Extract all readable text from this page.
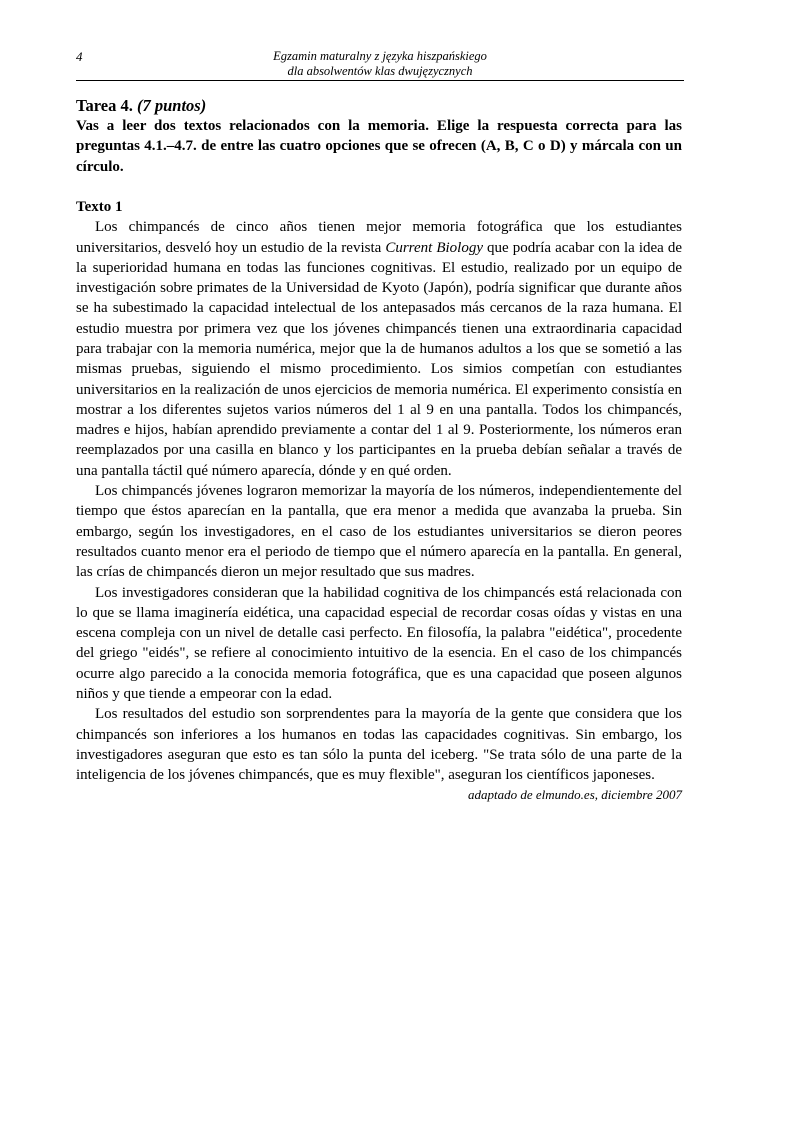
4	Egzamin maturalny z języka hiszpańskiego
dla absolwentów klas dwujęzycznych

Tarea 4. (7 puntos)

Vas a leer dos textos relacionados con la memoria. Elige la respuesta correcta para las preguntas 4.1.–4.7. de entre las cuatro opciones que se ofrecen (A, B, C o D) y márcala con un círculo.

Texto 1

Los chimpancés de cinco años tienen mejor memoria fotográfica que los estudiantes universitarios, desveló hoy un estudio de la revista Current Biology que podría acabar con la idea de la superioridad humana en todas las funciones cognitivas. El estudio, realizado por un equipo de investigación sobre primates de la Universidad de Kyoto (Japón), podría significar que durante años se ha subestimado la capacidad intelectual de los antepasados más cercanos de la raza humana. El estudio muestra por primera vez que los jóvenes chimpancés tienen una extraordinaria capacidad para trabajar con la memoria numérica, mejor que la de humanos adultos a los que se sometió a las mismas pruebas, siguiendo el mismo procedimiento. Los simios competían con estudiantes universitarios en la realización de unos ejercicios de memoria numérica. El experimento consistía en mostrar a los diferentes sujetos varios números del 1 al 9 en una pantalla. Todos los chimpancés, madres e hijos, habían aprendido previamente a contar del 1 al 9. Posteriormente, los números eran reemplazados por una casilla en blanco y los participantes en la prueba debían señalar a través de una pantalla táctil qué número aparecía, dónde y en qué orden.

Los chimpancés jóvenes lograron memorizar la mayoría de los números, independientemente del tiempo que éstos aparecían en la pantalla, que era menor a medida que avanzaba la prueba. Sin embargo, según los investigadores, en el caso de los estudiantes universitarios se dieron peores resultados cuanto menor era el periodo de tiempo que el número aparecía en la pantalla. En general, las crías de chimpancés dieron un mejor resultado que sus madres.

Los investigadores consideran que la habilidad cognitiva de los chimpancés está relacionada con lo que se llama imaginería eidética, una capacidad especial de recordar cosas oídas y vistas en una escena compleja con un nivel de detalle casi perfecto. En filosofía, la palabra "eidética", procedente del griego "eidés", se refiere al conocimiento intuitivo de la esencia. En el caso de los chimpancés ocurre algo parecido a la conocida memoria fotográfica, que es una capacidad que poseen algunos niños y que tiende a empeorar con la edad.

Los resultados del estudio son sorprendentes para la mayoría de la gente que considera que los chimpancés son inferiores a los humanos en todas las capacidades cognitivas. Sin embargo, los investigadores aseguran que esto es tan sólo la punta del iceberg. "Se trata sólo de una parte de la inteligencia de los jóvenes chimpancés, que es muy flexible", aseguran los científicos japoneses.

adaptado de elmundo.es, diciembre 2007
